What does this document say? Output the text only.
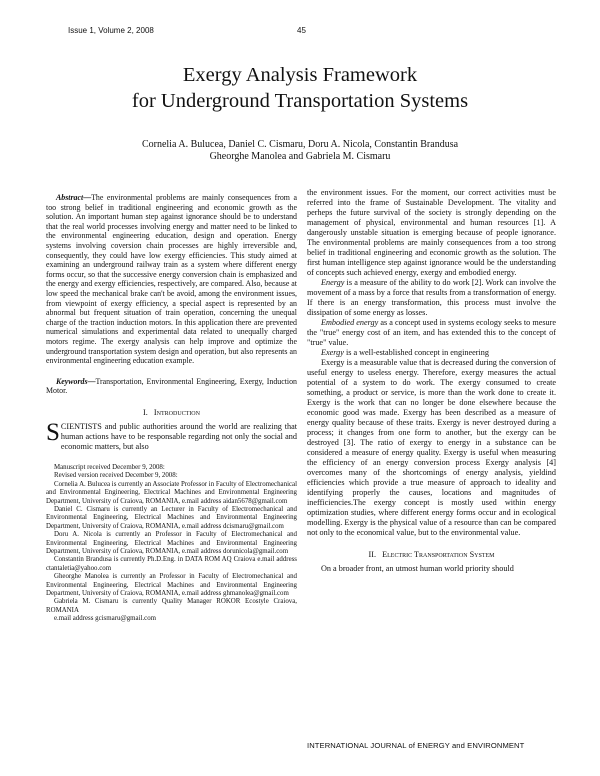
Issue 1, Volume 2, 2008	45
Exergy Analysis Framework
for Underground Transportation Systems
Cornelia A. Bulucea, Daniel C. Cismaru, Doru A. Nicola, Constantin Brandusa
Gheorghe Manolea and Gabriela M. Cismaru

Abstract—The environmental problems are mainly consequences from a too strong belief in traditional engineering and economic growth as the solution. An important human step against ignorance should be to understand that the real world processes involving energy and matter need to be linked to the environmental engineering education, design and operation. Energy systems involving coversion chain processes are highly irreversible and, consequently, they could have low exergy efficiencies. This study aimed at examining an underground railway train as a system where different energy forms occur, so that the successive energy conversion chain is emphasized and the energy and exergy efficiencies, respectively, are compared. Also, because at low speed the mechanical brake can't be avoid, among the environment issues, from viewpoint of exergy efficiency, a special aspect is represented by an abnormal but frequent situation of train operation, concerning the unequal charge of the traction induction motors. In this application there are prevented numerical simulations and experimental data related to unequally charged motors regime. The exergy analysis can help improve and optimize the underground transportation system design and operation, but also represents an environmental engineering education example.

Keywords—Transportation, Environmental Engineering, Exergy, Induction Motor.

I. Introduction

SCIENTISTS and public authorities around the world are realizing that human actions have to be responsable regarding not only the social and economic matters, but also

Manuscript received December 9, 2008:

Revised version received December 9, 2008:

Cornelia A. Bulucea is currently an Associate Professor in Faculty of Electromechanical and Environmental Engineering, Electrical Machines and Environmental Engineering Department, University of Craiova, ROMANIA, e.mail address aidan5678@gmail.com

Daniel C. Cismaru is currently an Lecturer in Faculty of Electromechanical and Environmental Engineering, Electrical Machines and Environmental Engineering Department, University of Craiova, ROMANIA, e.mail address dcismaru@gmail.com

Doru A. Nicola is currently an Professor in Faculty of Electromechanical and Environmental Engineering, Electrical Machines and Environmental Engineering Department, University of Craiova, ROMANIA, e.mail address dorunicola@gmail.com

Constantin Brandusa is currently Ph.D.Eng. in DATA ROM AQ Craiova e.mail address ctantaletia@yahoo.com

Gheorghe Manolea is currently an Professor in Faculty of Electromechanical and Environmental Engineering, Electrical Machines and Environmental Engineering Department, University of Craiova, ROMANIA, e.mail address ghmanolea@gmail.com

Gabriela M. Cismaru is currently Quality Manager ROKOR Ecostyle Craiova, ROMANIA

e.mail address gcismaru@gmail.com

the environment issues. For the moment, our correct activities must be referred into the frame of Sustainable Development. The vitality and perheps the future survival of the society is strongly depending on the management of physical, environmental and human resources [1]. A dangerously unstable situation is emerging because of people ignorance. The environmental problems are mainly consequences from a too strong belief in traditional engineering and economic growth as the solution. The first human intelligence step against ignorance would be the understanding of concepts such achieved energy, exergy and embodied energy.

Energy is a measure of the ability to do work [2]. Work can involve the movement of a mass by a force that results from a transformation of energy. If there is an energy transformation, this process must involve the dissipation of some energy as losses.

Embodied energy as a concept used in systems ecology seeks to mesure the "true" energy cost of an item, and has extended this to the concept of "true" value.

Exergy is a well-established concept in engineering

Exergy is a measurable value that is decreased during the conversion of useful energy to useless energy. Therefore, exergy measures the actual potential of a system to do work. The exergy consumed to create something, a product or service, is more than the work done to create it. Exergy is the work that can no longer be done elsewhere because the economic good was made. Exergy has been described as a measure of energy quality because of these traits. Exergy is never destroyed during a process; it changes from one form to another, but the exergy can be destroyed [3]. The ratio of exergy to energy in a substance can be considered a measure of energy quality. Exergy is useful when measuring the efficiency of an energy conversion process Exergy analysis [4] overcomes many of the shortcomings of energy analysis, yieldind efficiencies which provide a true measure of approach to ideality and identifying properly the causes, locations and magnitudes of inefficiencies.The exergy concept is mostly used within energy optimization studies, where different energy forms occur and in ecological modelling. Exergy is the physical value of a resource than can be compared not only to the economical value, but to the environmental value.

II. Electric Transportation System

On a broader front, an utmost human world priority should

INTERNATIONAL JOURNAL of ENERGY and ENVIRONMENT
